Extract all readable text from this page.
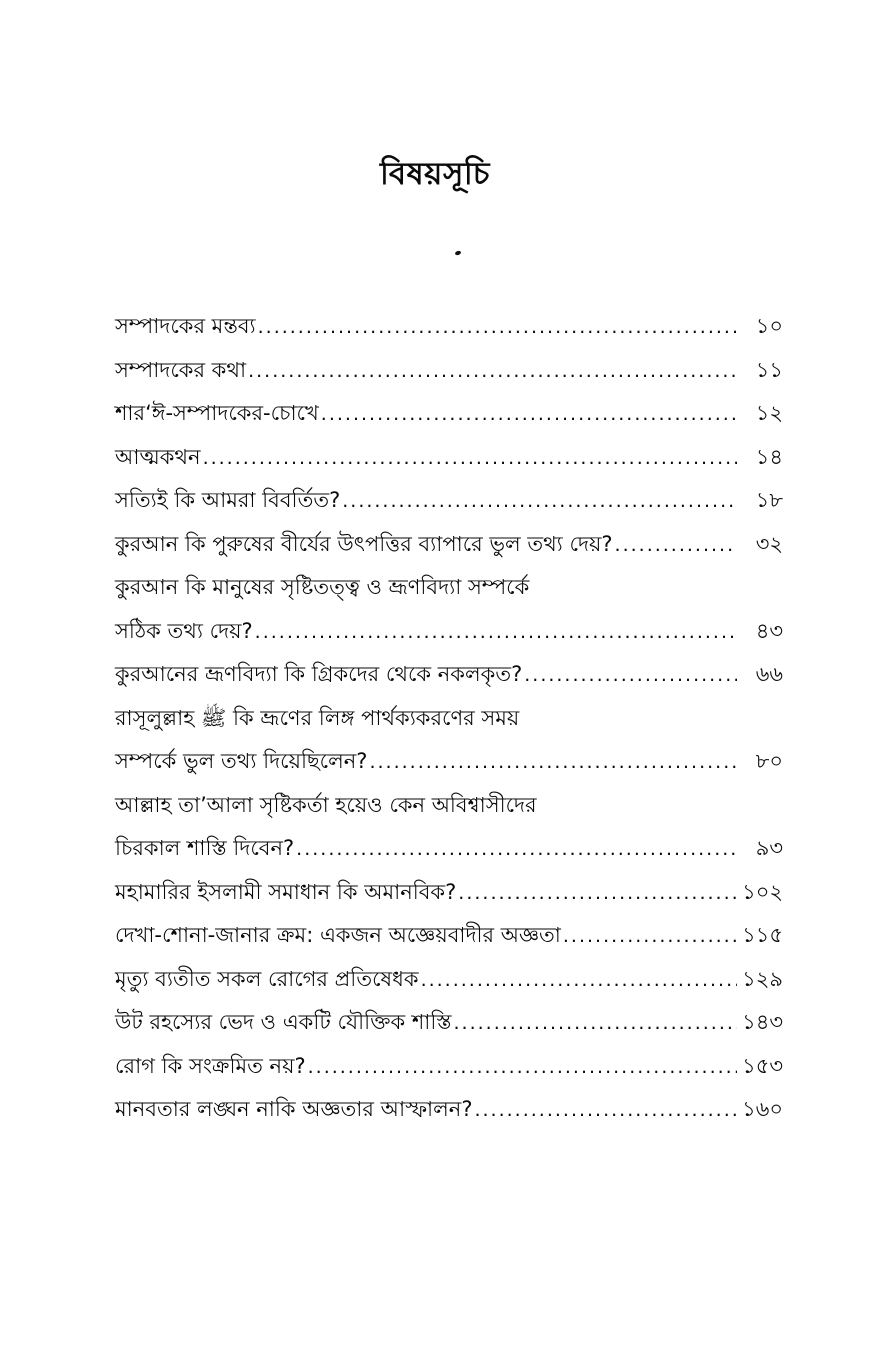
বিষয়সূচি
সম্পাদকের মন্তব্য .....	১০
সম্পাদকের কথা .....	১১
শার‘ঈ-সম্পাদকের-চোখে .....	১২
আত্মকথন .....	১৪
সত্যিই কি আমরা বিবর্তিত? .....	১৮
কুরআন কি পুরুষের বীর্যের উৎপত্তির ব্যাপারে ভুল তথ্য দেয়? .....	৩২
কুরআন কি মানুষের সৃষ্টিতত্ত্ব ও ভ্রূণবিদ্যা সম্পর্কে
সঠিক তথ্য দেয়? .....	৪৩
কুরআনের ভ্রূণবিদ্যা কি গ্রিকদের থেকে নকলকৃত? .....	৬৬
রাসূলুল্লাহ ﷺ কি ভ্রূণের লিঙ্গ পার্থক্যকরণের সময়
সম্পর্কে ভুল তথ্য দিয়েছিলেন? .....	৮০
আল্লাহ তা’আলা সৃষ্টিকর্তা হয়েও কেন অবিশ্বাসীদের
চিরকাল শাস্তি দিবেন? .....	৯৩
মহামারির ইসলামী সমাধান কি অমানবিক? .....	১০২
দেখা-শোনা-জানার ক্রম: একজন অজ্ঞেয়বাদীর অজ্ঞতা .....	১১৫
মৃত্যু ব্যতীত সকল রোগের প্রতিষেধক .....	১২৯
উট রহস্যের ভেদ ও একটি যৌক্তিক শাস্তি .....	১৪৩
রোগ কি সংক্রমিত নয়? .....	১৫৩
মানবতার লঙ্ঘন নাকি অজ্ঞতার আস্ফালন? .....	১৬০
